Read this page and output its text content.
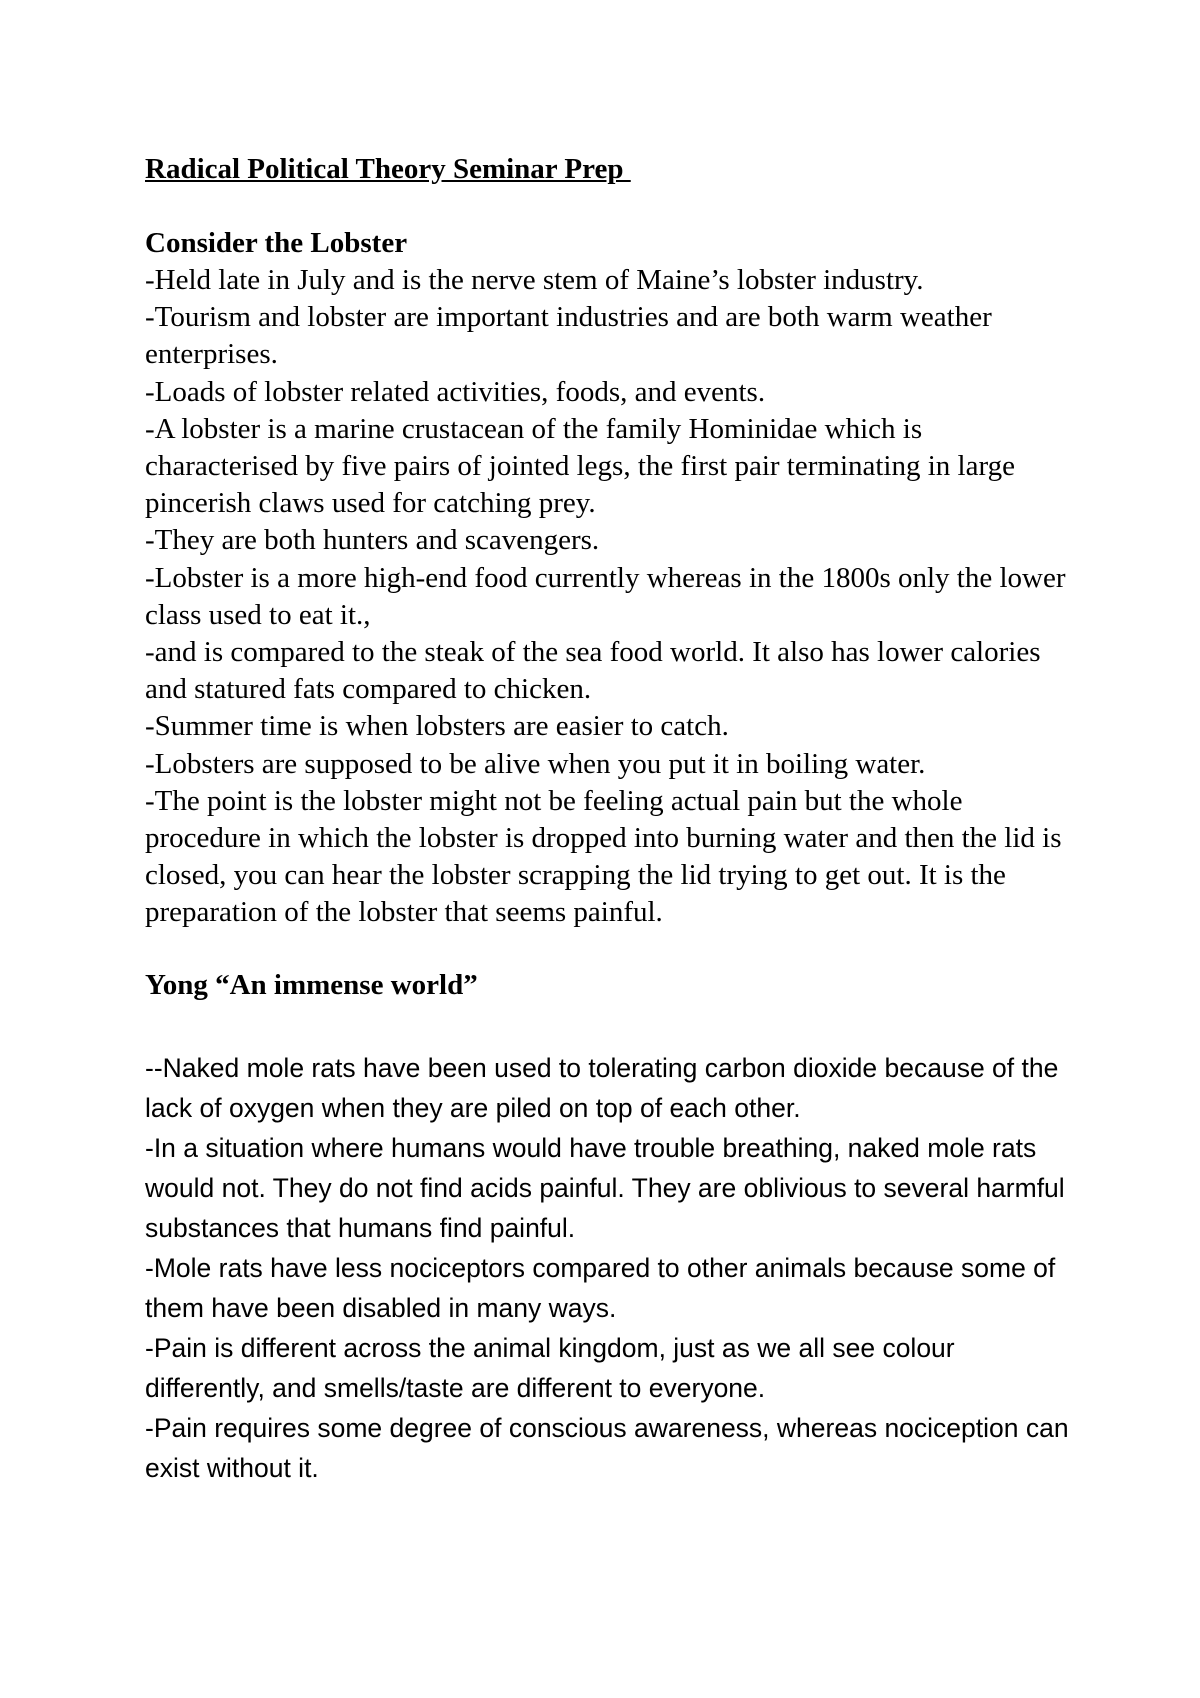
Radical Political Theory Seminar Prep
Consider the Lobster
-Held late in July and is the nerve stem of Maine’s lobster industry.
-Tourism and lobster are important industries and are both warm weather enterprises.
-Loads of lobster related activities, foods, and events.
-A lobster is a marine crustacean of the family Hominidae which is characterised by five pairs of jointed legs, the first pair terminating in large pincerish claws used for catching prey.
-They are both hunters and scavengers.
-Lobster is a more high-end food currently whereas in the 1800s only the lower class used to eat it.,
-and is compared to the steak of the sea food world. It also has lower calories and statured fats compared to chicken.
-Summer time is when lobsters are easier to catch.
-Lobsters are supposed to be alive when you put it in boiling water.
-The point is the lobster might not be feeling actual pain but the whole procedure in which the lobster is dropped into burning water and then the lid is closed, you can hear the lobster scrapping the lid trying to get out. It is the preparation of the lobster that seems painful.
Yong “An immense world”
--Naked mole rats have been used to tolerating carbon dioxide because of the lack of oxygen when they are piled on top of each other.
-In a situation where humans would have trouble breathing, naked mole rats would not. They do not find acids painful. They are oblivious to several harmful substances that humans find painful.
-Mole rats have less nociceptors compared to other animals because some of them have been disabled in many ways.
-Pain is different across the animal kingdom, just as we all see colour differently, and smells/taste are different to everyone.
-Pain requires some degree of conscious awareness, whereas nociception can exist without it.
